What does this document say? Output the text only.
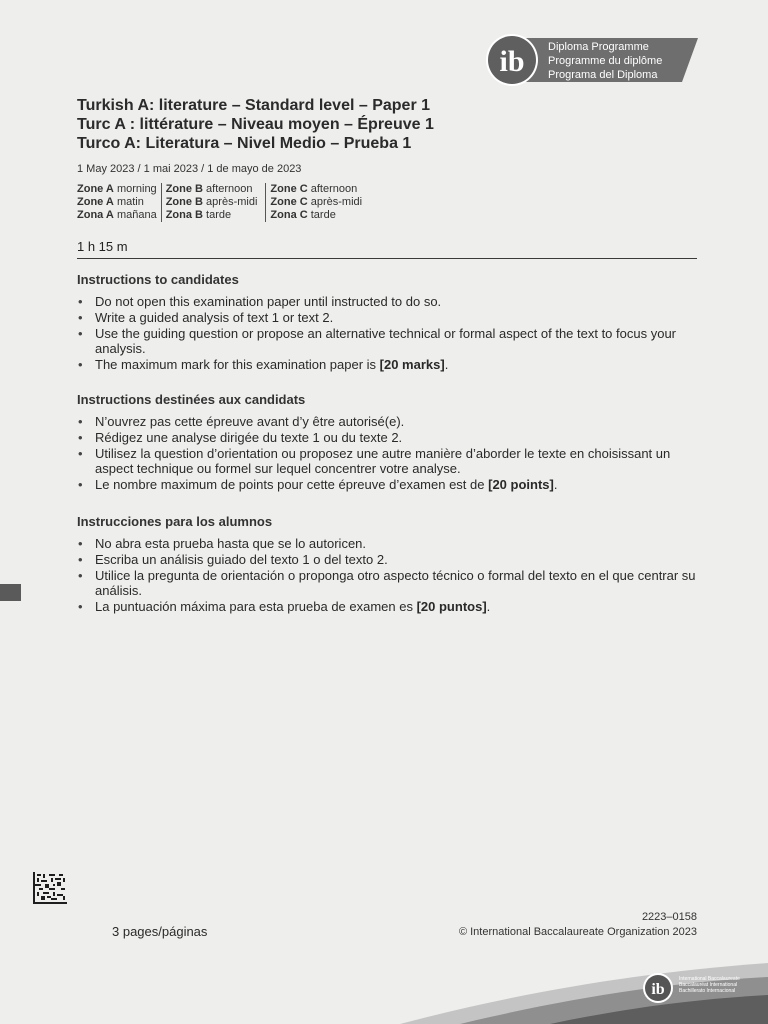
ib Diploma Programme
Programme du diplôme
Programa del Diploma
Turkish A: literature – Standard level – Paper 1
Turc A : littérature – Niveau moyen – Épreuve 1
Turco A: Literatura – Nivel Medio – Prueba 1
1 May 2023 / 1 mai 2023 / 1 de mayo de 2023
Zone A morning
Zone A matin
Zona A mañana
Zone B afternoon
Zone B après-midi
Zona B tarde
Zone C afternoon
Zone C après-midi
Zona C tarde
1 h 15 m
Instructions to candidates
• Do not open this examination paper until instructed to do so.
• Write a guided analysis of text 1 or text 2.
• Use the guiding question or propose an alternative technical or formal aspect of the text to focus your analysis.
• The maximum mark for this examination paper is [20 marks].
Instructions destinées aux candidats
• N’ouvrez pas cette épreuve avant d’y être autorisé(e).
• Rédigez une analyse dirigée du texte 1 ou du texte 2.
• Utilisez la question d’orientation ou proposez une autre manière d’aborder le texte en choisissant un aspect technique ou formel sur lequel concentrer votre analyse.
• Le nombre maximum de points pour cette épreuve d’examen est de [20 points].
Instrucciones para los alumnos
• No abra esta prueba hasta que se lo autoricen.
• Escriba un análisis guiado del texto 1 o del texto 2.
• Utilice la pregunta de orientación o proponga otro aspecto técnico o formal del texto en el que centrar su análisis.
• La puntuación máxima para esta prueba de examen es [20 puntos].
3 pages/páginas
2223–0158
© International Baccalaureate Organization 2023
ib
International Baccalaureate
Baccalauréat International
Bachillerato Internacional
